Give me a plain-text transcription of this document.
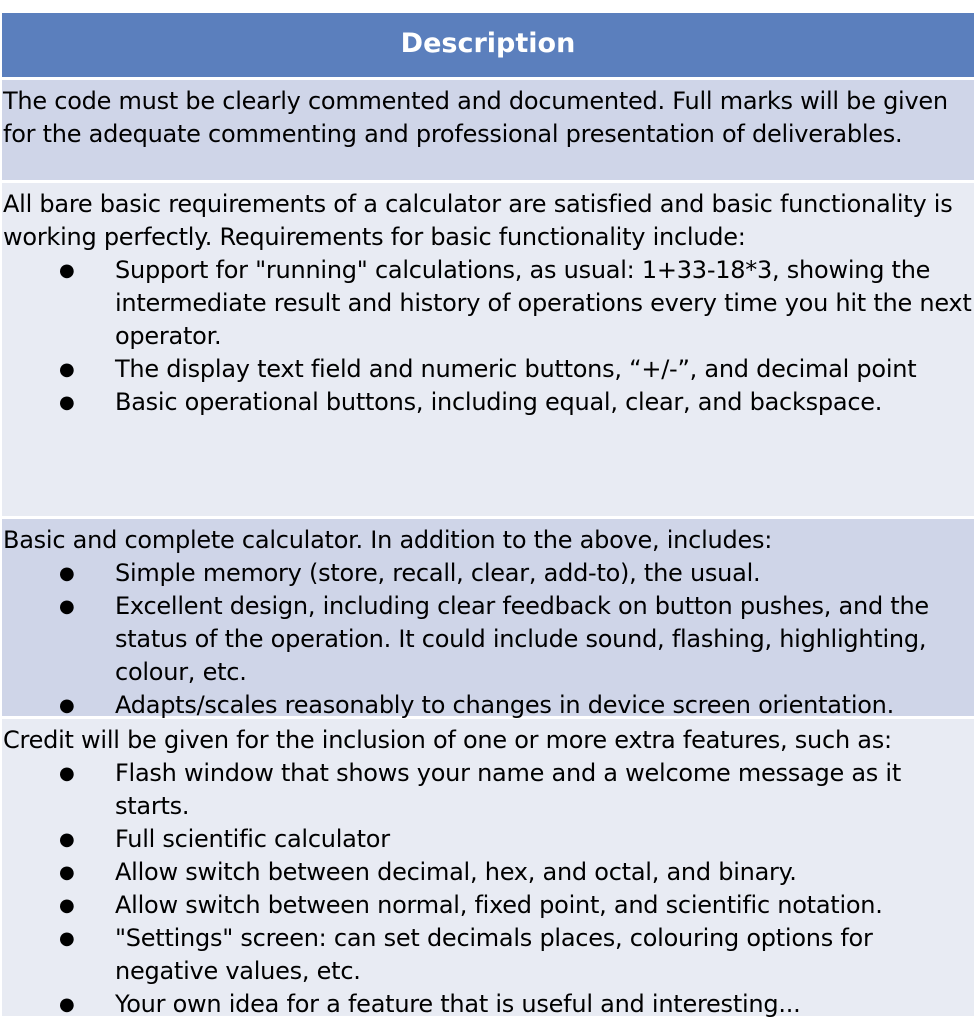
Description

The code must be clearly commented and documented. Full marks will be given for the adequate commenting and professional presentation of deliverables.

All bare basic requirements of a calculator are satisfied and basic functionality is working perfectly. Requirements for basic functionality include:

● Support for "running" calculations, as usual: 1+33-18*3, showing the intermediate result and history of operations every time you hit the next operator.
● The display text field and numeric buttons, “+/-”, and decimal point
● Basic operational buttons, including equal, clear, and backspace.

Basic and complete calculator. In addition to the above, includes:

● Simple memory (store, recall, clear, add-to), the usual.
● Excellent design, including clear feedback on button pushes, and the status of the operation. It could include sound, flashing, highlighting, colour, etc.
● Adapts/scales reasonably to changes in device screen orientation.

Credit will be given for the inclusion of one or more extra features, such as:

● Flash window that shows your name and a welcome message as it starts.
● Full scientific calculator
● Allow switch between decimal, hex, and octal, and binary.
● Allow switch between normal, fixed point, and scientific notation.
● "Settings" screen: can set decimals places, colouring options for negative values, etc.
● Your own idea for a feature that is useful and interesting...
